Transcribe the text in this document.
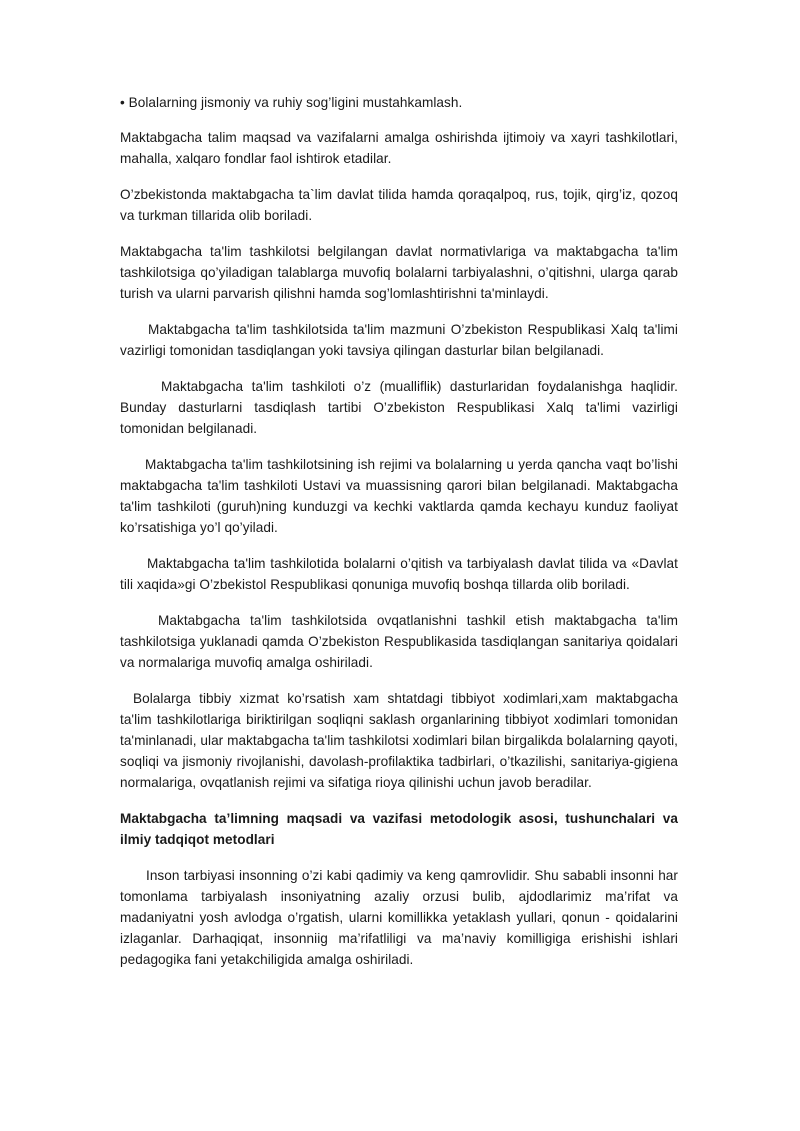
• Bolalarning jismoniy va ruhiy sog’ligini mustahkamlash.

Maktabgacha talim maqsad va vazifalarni amalga oshirishda ijtimoiy va xayri tashkilotlari, mahalla, xalqaro fondlar faol ishtirok etadilar.

O’zbekistonda maktabgacha ta`lim davlat tilida hamda qoraqalpoq, rus, tojik, qirg’iz, qozoq va turkman tillarida olib boriladi.

Maktabgacha ta'lim tashkilotsi belgilangan davlat normativlariga va maktabgacha ta'lim tashkilotsiga qo’yiladigan talablarga muvofiq bolalarni tarbiyalashni, o’qitishni, ularga qarab turish va ularni parvarish qilishni hamda sog’lomlashtirishni ta'minlaydi.

Maktabgacha ta'lim tashkilotsida ta'lim mazmuni O’zbekiston Respublikasi Xalq ta'limi vazirligi tomonidan tasdiqlangan yoki tavsiya qilingan dasturlar bilan belgilanadi.

Maktabgacha ta'lim tashkiloti o’z (mualliflik) dasturlaridan foydalanishga haqlidir. Bunday dasturlarni tasdiqlash tartibi O’zbekiston Respublikasi Xalq ta'limi vazirligi tomonidan belgilanadi.

Maktabgacha ta'lim tashkilotsining ish rejimi va bolalarning u yerda qancha vaqt bo’lishi maktabgacha ta'lim tashkiloti Ustavi va muassisning qarori bilan belgilanadi. Maktabgacha ta'lim tashkiloti (guruh)ning kunduzgi va kechki vaktlarda qamda kechayu kunduz faoliyat ko’rsatishiga yo’l qo’yiladi.

Maktabgacha ta'lim tashkilotida bolalarni o’qitish va tarbiyalash davlat tilida va «Davlat tili xaqida»gi O’zbekistol Respublikasi qonuniga muvofiq boshqa tillarda olib boriladi.

Maktabgacha ta'lim tashkilotsida ovqatlanishni tashkil etish maktabgacha ta'lim tashkilotsiga yuklanadi qamda O’zbekiston Respublikasida tasdiqlangan sanitariya qoidalari va normalariga muvofiq amalga oshiriladi.

Bolalarga tibbiy xizmat ko’rsatish xam shtatdagi tibbiyot xodimlari,xam maktabgacha ta'lim tashkilotlariga biriktirilgan soqliqni saklash organlarining tibbiyot xodimlari tomonidan ta'minlanadi, ular maktabgacha ta'lim tashkilotsi xodimlari bilan birgalikda bolalarning qayoti, soqliqi va jismoniy rivojlanishi, davolash-profilaktika tadbirlari, o’tkazilishi, sanitariya-gigiena normalariga, ovqatlanish rejimi va sifatiga rioya qilinishi uchun javob beradilar.

Maktabgacha ta’limning maqsadi va vazifasi metodologik asosi, tushunchalari va ilmiy tadqiqot metodlari

Inson tarbiyasi insonning o’zi kabi qadimiy va keng qamrovlidir. Shu sababli insonni har tomonlama tarbiyalash insoniyatning azaliy orzusi bulib, ajdodlarimiz ma’rifat va madaniyatni yosh avlodga o’rgatish, ularni komillikka yetaklash yullari, qonun - qoidalarini izlaganlar. Darhaqiqat, insonniig ma’rifatliligi va ma’naviy komilligiga erishishi ishlari pedagogika fani yetakchiligida amalga oshiriladi.
